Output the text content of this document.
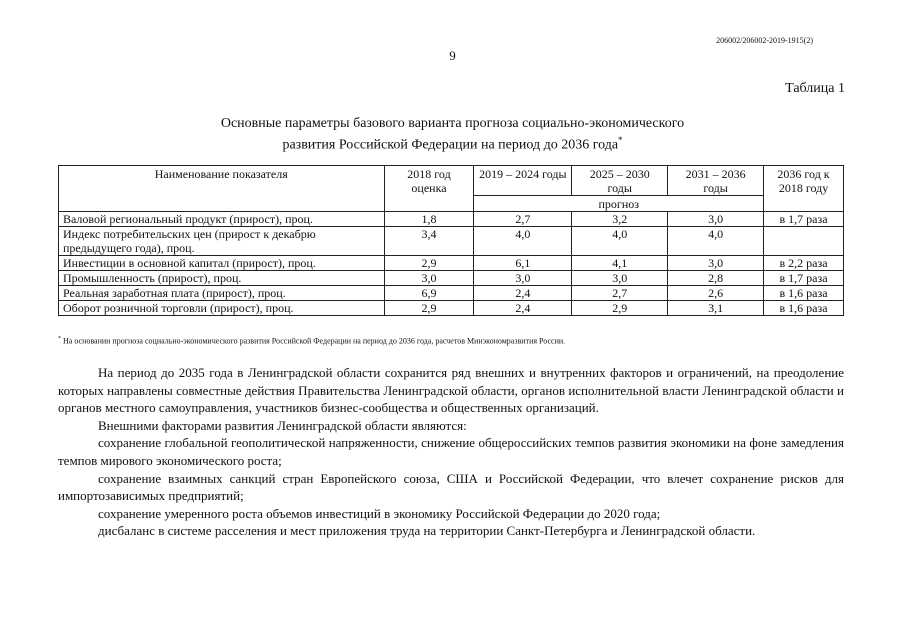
206002/206002-2019-1915(2)
9
Таблица 1
Основные параметры базового варианта прогноза социально-экономического
развития Российской Федерации на период до 2036 года*
Наименование показателя	2018 год оценка	2019 – 2024 годы	2025 – 2030 годы	2031 – 2036 годы	2036 год к 2018 году
		прогноз			
Валовой региональный продукт (прирост), проц.	1,8	2,7	3,2	3,0	в 1,7 раза
Индекс потребительских цен (прирост к декабрю предыдущего года), проц.	3,4	4,0	4,0	4,0	
Инвестиции в основной капитал (прирост), проц.	2,9	6,1	4,1	3,0	в 2,2 раза
Промышленность (прирост), проц.	3,0	3,0	3,0	2,8	в 1,7 раза
Реальная заработная плата (прирост), проц.	6,9	2,4	2,7	2,6	в 1,6 раза
Оборот розничной торговли (прирост), проц.	2,9	2,4	2,9	3,1	в 1,6 раза
* На основании прогноза социально-экономического развития Российской Федерации на период до 2036 года, расчетов Минэкономразвития России.

На период до 2035 года в Ленинградской области сохранится ряд внешних и внутренних факторов и ограничений, на преодоление которых направлены совместные действия Правительства Ленинградской области, органов исполнительной власти Ленинградской области и органов местного самоуправления, участников бизнес-сообщества и общественных организаций.

Внешними факторами развития Ленинградской области являются:

сохранение глобальной геополитической напряженности, снижение общероссийских темпов развития экономики на фоне замедления темпов мирового экономического роста;

сохранение взаимных санкций стран Европейского союза, США и Российской Федерации, что влечет сохранение рисков для импортозависимых предприятий;

сохранение умеренного роста объемов инвестиций в экономику Российской Федерации до 2020 года;

дисбаланс в системе расселения и мест приложения труда на территории Санкт-Петербурга и Ленинградской области.
